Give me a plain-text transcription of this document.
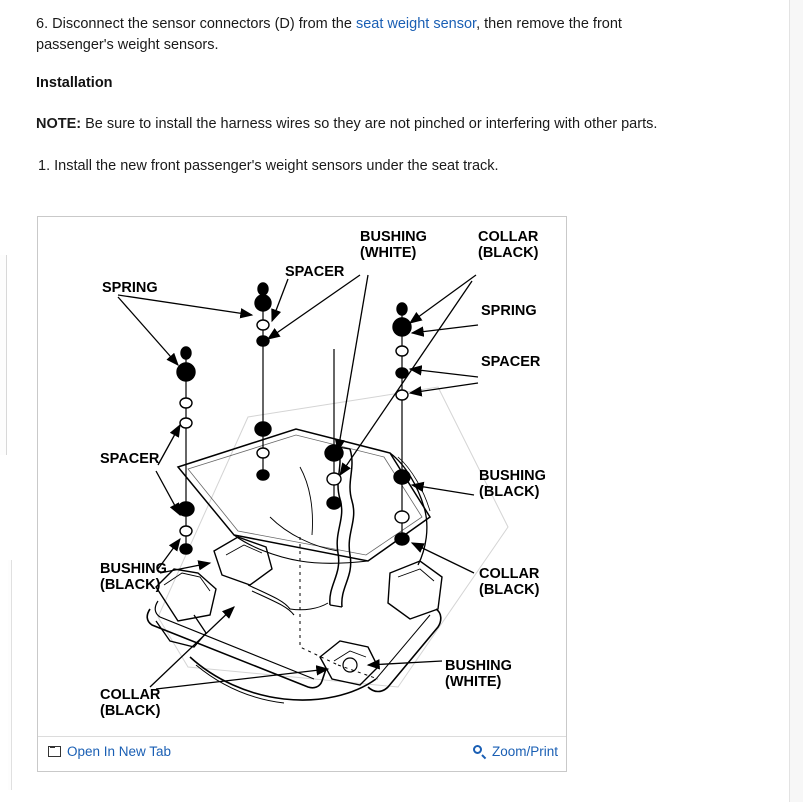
6. Disconnect the sensor connectors (D) from the seat weight sensor, then remove the front passenger's weight sensors.
Installation
NOTE: Be sure to install the harness wires so they are not pinched or interfering with other parts.
1. Install the new front passenger's weight sensors under the seat track.
BUSHING
(WHITE)
COLLAR
(BLACK)
SPACER
SPRING
SPRING
SPACER
SPACER
BUSHING
(BLACK)
BUSHING
(BLACK)
COLLAR
(BLACK)
BUSHING
(WHITE)
COLLAR
(BLACK)
Open In New Tab	Zoom/Print
